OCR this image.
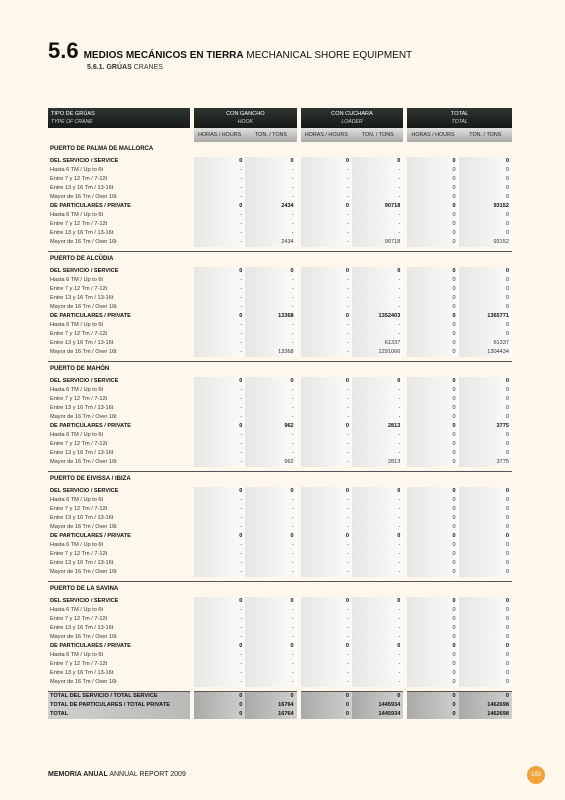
5.6 MEDIOS MECÁNICOS EN TIERRA MECHANICAL SHORE EQUIPMENT
5.6.1. GRÚAS CRANES
TIPO DE GRÚAS
TYPE OF CRANE	CON GANCHO
HOOK		CON CUCHARA
LOADER		TOTAL
TOTAL	

	HORAS / HOURS	TON. / TONS	HORAS / HOURS	TON. / TONS	HORAS / HOURS	TON. / TONS
PUERTO DE PALMA DE MALLORCA						
DEL SERVICIO / SERVICE	0	0	0	0	0	0
Hasta 6 TM / Up to 6t	-	-	-	-	0	0
Entre 7 y 12 Tm / 7-12t	-	-	-	-	0	0
Entre 13 y 16 Tm / 13-16t	-	-	-	-	0	0
Mayor de 16 Tm / Over 16t	-	-	-	-	0	0
DE PARTICULARES / PRIVATE	0	2434	0	90718	0	93152
Hasta 6 TM / Up to 6t	-	-	-	-	0	0
Entre 7 y 12 Tm / 7-12t	-	-	-	-	0	0
Entre 13 y 16 Tm / 13-16t	-	-	-	-	0	0
Mayor de 16 Tm / Over 16t	-	2434	-	90718	0	93152

PUERTO DE ALCÚDIA						
DEL SERVICIO / SERVICE	0	0	0	0	0	0
Hasta 6 TM / Up to 6t	-	-	-	-	0	0
Entre 7 y 12 Tm / 7-12t	-	-	-	-	0	0
Entre 13 y 16 Tm / 13-16t	-	-	-	-	0	0
Mayor de 16 Tm / Over 16t	-	-	-	-	0	0
DE PARTICULARES / PRIVATE	0	13368	0	1352403	0	1365771
Hasta 6 TM / Up to 6t	-	-	-	-	0	0
Entre 7 y 12 Tm / 7-12t	-	-	-	-	0	0
Entre 13 y 16 Tm / 13-16t	-	-	-	61337	0	61337
Mayor de 16 Tm / Over 16t	-	13368	-	1291066	0	1304434

PUERTO DE MAHÓN						
DEL SERVICIO / SERVICE	0	0	0	0	0	0
Hasta 6 TM / Up to 6t	-	-	-	-	0	0
Entre 7 y 12 Tm / 7-12t	-	-	-	-	0	0
Entre 13 y 16 Tm / 13-16t	-	-	-	-	0	0
Mayor de 16 Tm / Over 16t	-	-	-	-	0	0
DE PARTICULARES / PRIVATE	0	962	0	2813	0	3775
Hasta 6 TM / Up to 6t	-	-	-	-	0	0
Entre 7 y 12 Tm / 7-12t	-	-	-	-	0	0
Entre 13 y 16 Tm / 13-16t	-	-	-	-	0	0
Mayor de 16 Tm / Over 16t	-	962	-	2813	0	3775

PUERTO DE EIVISSA / IBIZA						
DEL SERVICIO / SERVICE	0	0	0	0	0	0
Hasta 6 TM / Up to 6t	-	-	-	-	0	0
Entre 7 y 12 Tm / 7-12t	-	-	-	-	0	0
Entre 13 y 16 Tm / 13-16t	-	-	-	-	0	0
Mayor de 16 Tm / Over 16t	-	-	-	-	0	0
DE PARTICULARES / PRIVATE	0	0	0	0	0	0
Hasta 6 TM / Up to 6t	-	-	-	-	0	0
Entre 7 y 12 Tm / 7-12t	-	-	-	-	0	0
Entre 13 y 16 Tm / 13-16t	-	-	-	-	0	0
Mayor de 16 Tm / Over 16t	-	-	-	-	0	0

PUERTO DE LA SAVINA						
DEL SERVICIO / SERVICE	0	0	0	0	0	0
Hasta 6 TM / Up to 6t	-	-	-	-	0	0
Entre 7 y 12 Tm / 7-12t	-	-	-	-	0	0
Entre 13 y 16 Tm / 13-16t	-	-	-	-	0	0
Mayor de 16 Tm / Over 16t	-	-	-	-	0	0
DE PARTICULARES / PRIVATE	0	0	0	0	0	0
Hasta 6 TM / Up to 6t	-	-	-	-	0	0
Entre 7 y 12 Tm / 7-12t	-	-	-	-	0	0
Entre 13 y 16 Tm / 13-16t	-	-	-	-	0	0
Mayor de 16 Tm / Over 16t	-	-	-	-	0	0

TOTAL DEL SERVICIO / TOTAL SERVICE	0	0	0	0	0	0
TOTAL DE PARTICULARES / TOTAL PRIVATE	0	16764	0	1445934	0	1462698
TOTAL	0	16764	0	1445934	0	1462698
MEMORIA ANUAL ANNUAL REPORT 2009	183
